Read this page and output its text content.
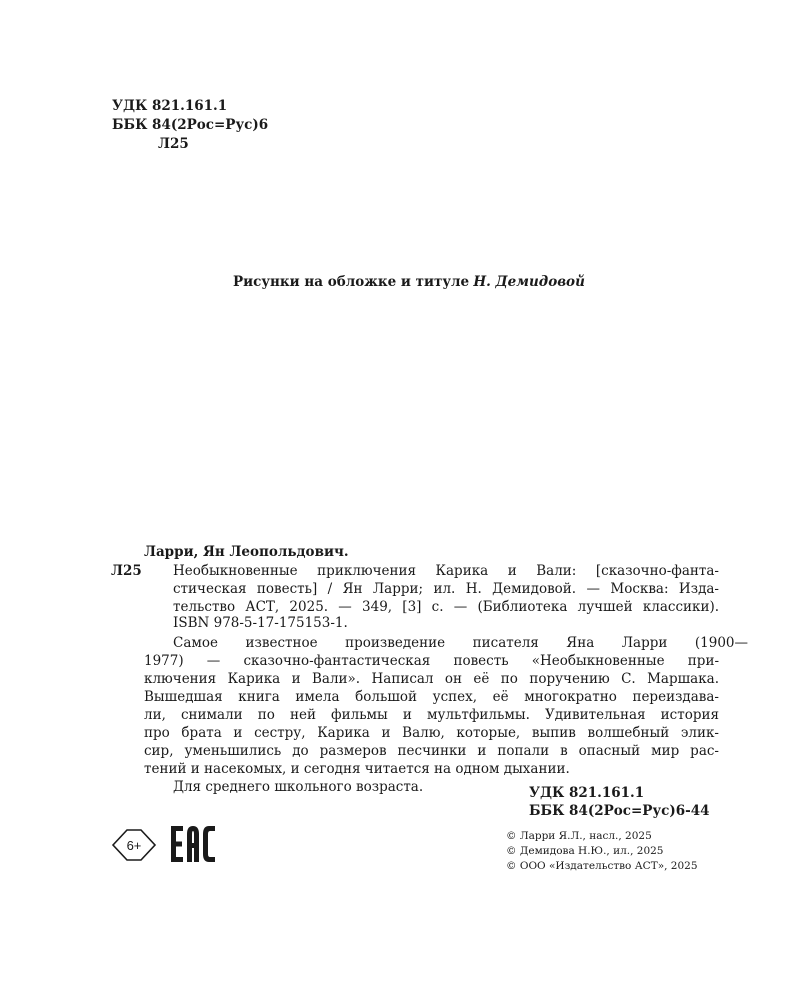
УДК 821.161.1
ББК 84(2Рос=Рус)6
Л25
Рисунки на обложке и титуле Н. Демидовой
Ларри, Ян Леопольдович.
Л25 Необыкновенные приключения Карика и Вали: [сказочно-фанта-
стическая повесть] / Ян Ларри; ил. Н. Демидовой. — Москва: Изда-
тельство АСТ, 2025. — 349, [3] с. — (Библиотека лучшей классики).
ISBN 978-5-17-175153-1.
Самое известное произведение писателя Яна Ларри (1900—
1977) — сказочно-фантастическая повесть «Необыкновенные при-
ключения Карика и Вали». Написал он её по поручению С. Маршака.
Вышедшая книга имела большой успех, её многократно переиздава-
ли, снимали по ней фильмы и мультфильмы. Удивительная история
про брата и сестру, Карика и Валю, которые, выпив волшебный элик-
сир, уменьшились до размеров песчинки и попали в опасный мир рас-
тений и насекомых, и сегодня читается на одном дыхании.
Для среднего школьного возраста.	УДК 821.161.1
ББК 84(2Рос=Рус)6-44
6+
© Ларри Я.Л., насл., 2025
© Демидова Н.Ю., ил., 2025
© ООО «Издательство АСТ», 2025
